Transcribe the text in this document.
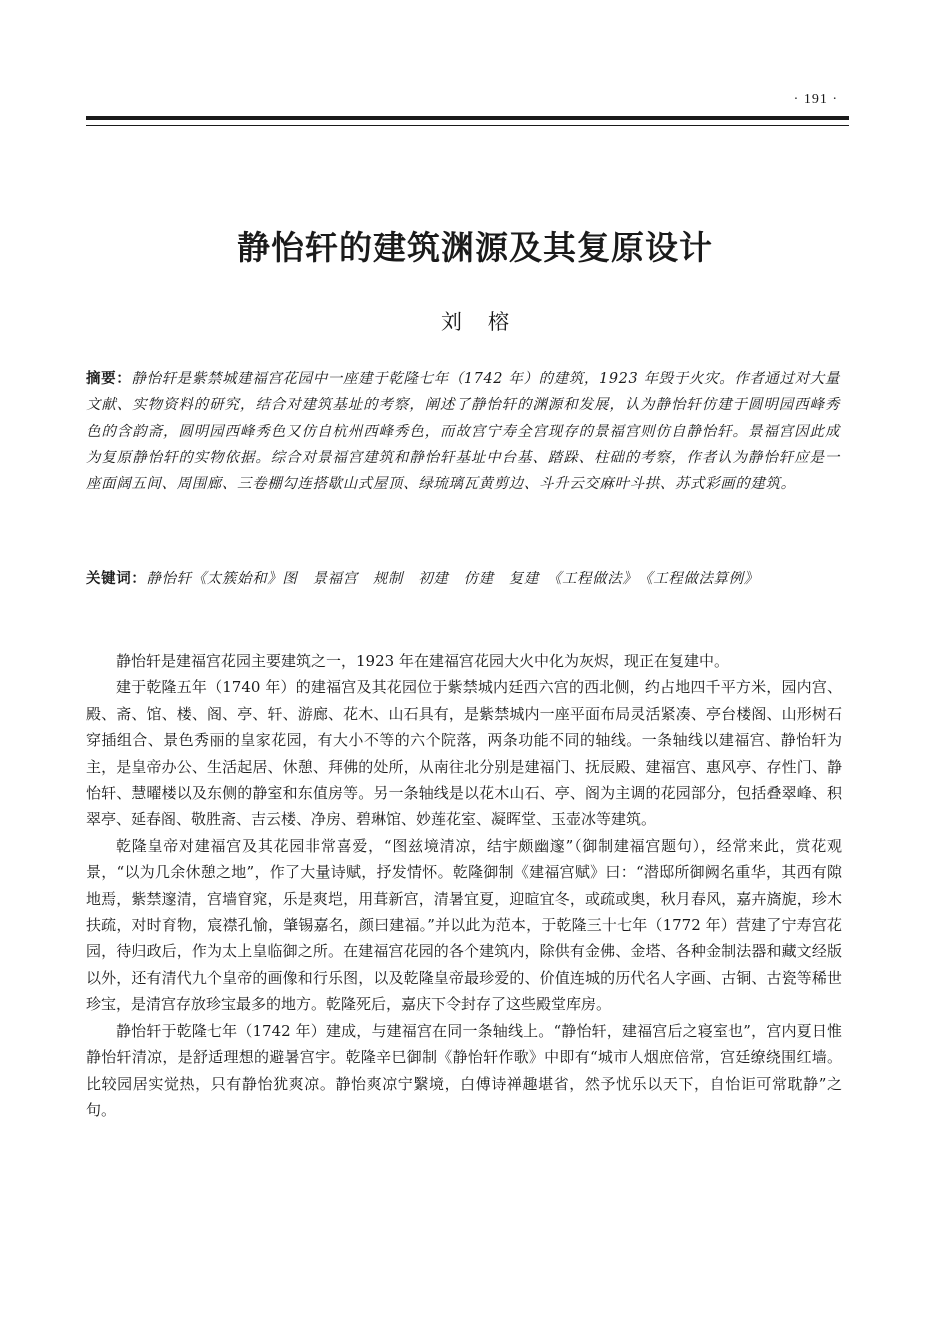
· 191 ·
静怡轩的建筑渊源及其复原设计
刘榕
摘要：静怡轩是紫禁城建福宫花园中一座建于乾隆七年（1742 年）的建筑，1923 年毁于火灾。作者通过对大量文献、实物资料的研究，结合对建筑基址的考察，阐述了静怡轩的渊源和发展，认为静怡轩仿建于圆明园西峰秀色的含韵斋，圆明园西峰秀色又仿自杭州西峰秀色，而故宫宁寿全宫现存的景福宫则仿自静怡轩。景福宫因此成为复原静怡轩的实物依据。综合对景福宫建筑和静怡轩基址中台基、踏跺、柱础的考察，作者认为静怡轩应是一座面阔五间、周围廊、三卷棚勾连搭歇山式屋顶、绿琉璃瓦黄剪边、斗升云交麻叶斗拱、苏式彩画的建筑。
关键词：静怡轩《太簇始和》图　景福宫　规制　初建　仿建　复建　《工程做法》　《工程做法算例》

静怡轩是建福宫花园主要建筑之一，1923 年在建福宫花园大火中化为灰烬，现正在复建中。

建于乾隆五年（1740 年）的建福宫及其花园位于紫禁城内廷西六宫的西北侧，约占地四千平方米，园内宫、殿、斋、馆、楼、阁、亭、轩、游廊、花木、山石具有，是紫禁城内一座平面布局灵活紧凑、亭台楼阁、山形树石穿插组合、景色秀丽的皇家花园，有大小不等的六个院落，两条功能不同的轴线。一条轴线以建福宫、静怡轩为主，是皇帝办公、生活起居、休憩、拜佛的处所，从南往北分别是建福门、抚辰殿、建福宫、惠风亭、存性门、静怡轩、慧曜楼以及东侧的静室和东值房等。另一条轴线是以花木山石、亭、阁为主调的花园部分，包括叠翠峰、积翠亭、延春阁、敬胜斋、吉云楼、净房、碧琳馆、妙莲花室、凝晖堂、玉壶冰等建筑。

乾隆皇帝对建福宫及其花园非常喜爱，“图兹境清凉，结宇颇幽邃”（御制建福宫题句），经常来此，赏花观景，“以为几余休憩之地”，作了大量诗赋，抒发情怀。乾隆御制《建福宫赋》曰：“潜邸所御阙名重华，其西有隙地焉，紫禁邃清，宫墙窅窕，乐是爽垲，用葺新宫，清暑宜夏，迎暄宜冬，或疏或奥，秋月春风，嘉卉旖旎，珍木扶疏，对时育物，宸襟孔愉，肇锡嘉名，颜曰建福。”并以此为范本，于乾隆三十七年（1772 年）营建了宁寿宫花园，待归政后，作为太上皇临御之所。在建福宫花园的各个建筑内，除供有金佛、金塔、各种金制法器和藏文经版以外，还有清代九个皇帝的画像和行乐图，以及乾隆皇帝最珍爱的、价值连城的历代名人字画、古铜、古瓷等稀世珍宝，是清宫存放珍宝最多的地方。乾隆死后，嘉庆下令封存了这些殿堂库房。

静怡轩于乾隆七年（1742 年）建成，与建福宫在同一条轴线上。“静怡轩，建福宫后之寝室也”，宫内夏日惟静怡轩清凉，是舒适理想的避暑宫宇。乾隆辛巳御制《静怡轩作歌》中即有“城市人烟庶倍常，宫廷缭绕围红墙。比较园居实觉热，只有静怡犹爽凉。静怡爽凉宁繄境，白傅诗禅趣堪省，然予忧乐以天下，自怡讵可常耽静”之句。
